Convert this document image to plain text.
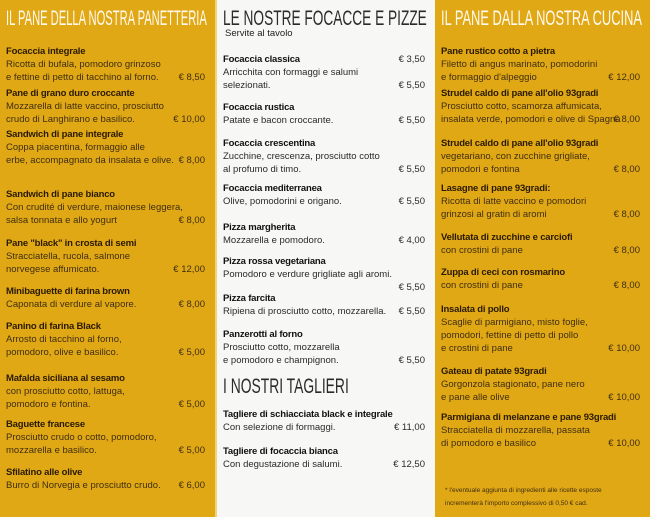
IL PANE DELLA NOSTRA PANETTERIA
Focaccia integrale
Ricotta di bufala, pomodoro grinzoso
e fettine di petto di tacchino al forno. € 8,50
Pane di grano duro croccante
Mozzarella di latte vaccino, prosciutto
crudo di Langhirano e basilico.	€ 10,00
Sandwich di pane integrale
Coppa piacentina, formaggio alle
erbe, accompagnato da insalata e olive. € 8,00
Sandwich di pane bianco
Con crudité di verdure, maionese leggera,
salsa tonnata e allo yogurt	€ 8,00
Pane "black" in crosta di semi
Stracciatella, rucola, salmone
norvegese affumicato.	€ 12,00
Minibaguette di farina brown
Caponata di verdure al vapore.	€ 8,00
Panino di farina Black
Arrosto di tacchino al forno,
pomodoro, olive e basilico.	€ 5,00
Mafalda siciliana al sesamo
con prosciutto cotto, lattuga,
pomodoro e fontina.	€ 5,00
Baguette francese
Prosciutto crudo o cotto, pomodoro,
mozzarella e basilico.	€ 5,00
Sfilatino alle olive
Burro di Norvegia e prosciutto crudo. € 6,00
LE NOSTRE FOCACCE E PIZZE
Servite al tavolo
Focaccia classica	€ 3,50
Arricchita con formaggi e salumi
selezionati.	€ 5,50
Focaccia rustica
Patate e bacon croccante.	€ 5,50
Focaccia crescentina
Zucchine, crescenza, prosciutto cotto
al profumo di timo.	€ 5,50
Focaccia mediterranea
Olive, pomodorini e origano.	€ 5,50
Pizza margherita
Mozzarella e pomodoro.	€ 4,00
Pizza rossa vegetariana
Pomodoro e verdure grigliate agli aromi.
€ 5,50
Pizza farcita
Ripiena di prosciutto cotto, mozzarella. € 5,50
Panzerotti al forno
Prosciutto cotto, mozzarella
e pomodoro e champignon.	€ 5,50
I NOSTRI TAGLIERI
Tagliere di schiacciata black e integrale
Con selezione di formaggi.	€ 11,00
Tagliere di focaccia bianca
Con degustazione di salumi.	€ 12,50
IL PANE DALLA NOSTRA CUCINA
Pane rustico cotto a pietra
Filetto di angus marinato, pomodorini
e formaggio d'alpeggio	€ 12,00
Strudel caldo di pane all'olio 93gradi
Prosciutto cotto, scamorza affumicata,
insalata verde, pomodori e olive di Spagna
€ 8,00
Strudel caldo di pane all'olio 93gradi
vegetariano, con zucchine grigliate,
pomodori e fontina	€ 8,00
Lasagne di pane 93gradi:
Ricotta di latte vaccino e pomodori
grinzosi al gratin di aromi	€ 8,00
Vellutata di zucchine e carciofi
con crostini di pane	€ 8,00
Zuppa di ceci con rosmarino
con crostini di pane	€ 8,00
Insalata di pollo
Scaglie di parmigiano, misto foglie,
pomodori, fettine di petto di pollo
e crostini di pane	€ 10,00
Gateau di patate 93gradi
Gorgonzola stagionato, pane nero
e pane alle olive	€ 10,00
Parmigiana di melanzane e pane 93gradi
Stracciatella di mozzarella, passata
di pomodoro e basilico	€ 10,00
* l'eventuale aggiunta di ingredienti alle ricette esposte
incrementerà l'importo complessivo di 0,50 € cad.
